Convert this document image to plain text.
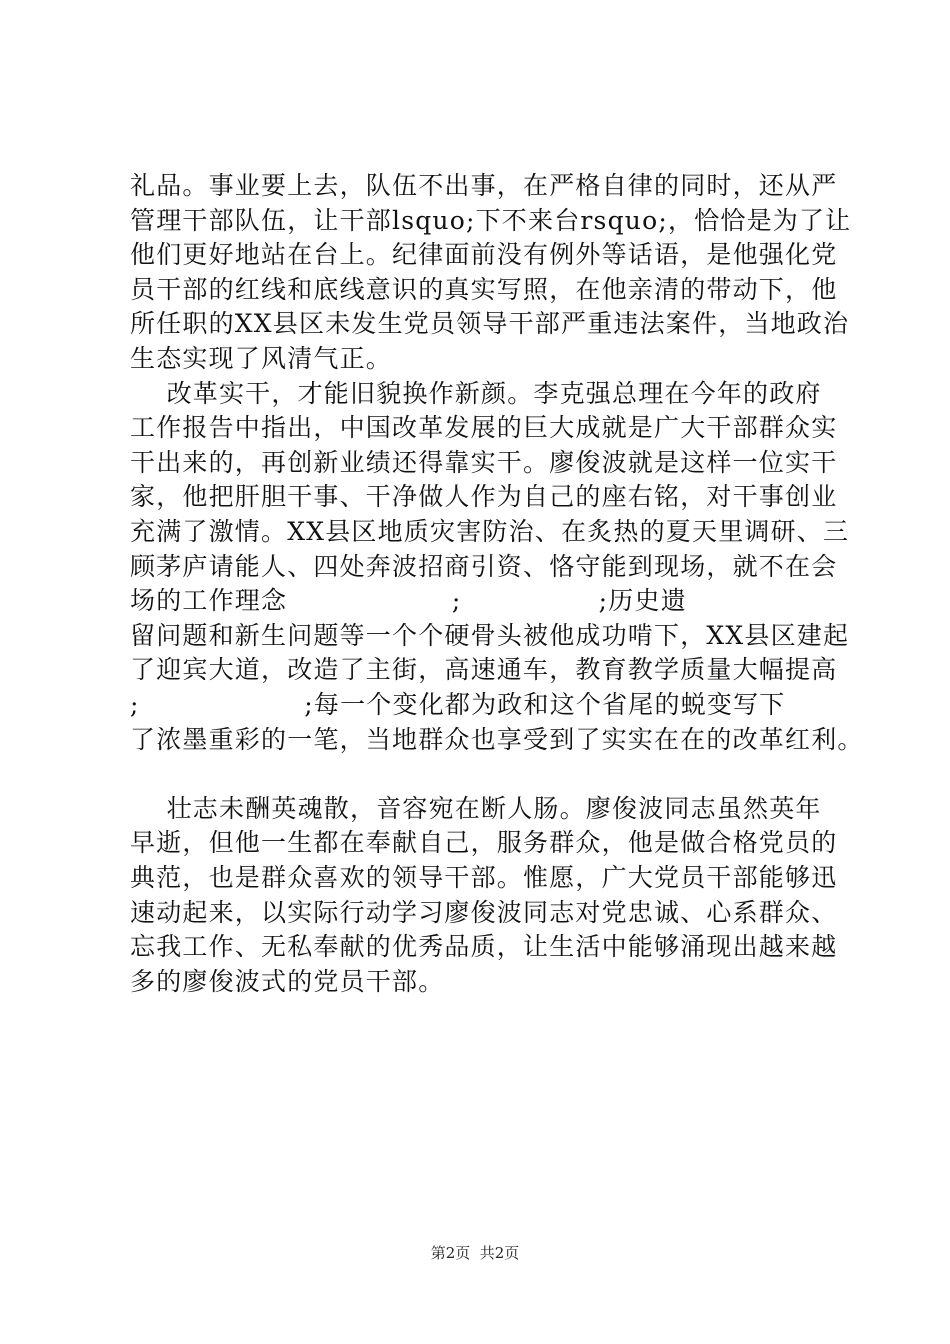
礼品。事业要上去，队伍不出事，在严格自律的同时，还从严
管理干部队伍，让干部lsquo;下不来台rsquo;，恰恰是为了让
他们更好地站在台上。纪律面前没有例外等话语，是他强化党
员干部的红线和底线意识的真实写照，在他亲清的带动下，他
所任职的XX县区未发生党员领导干部严重违法案件，当地政治
生态实现了风清气正。
改革实干，才能旧貌换作新颜。李克强总理在今年的政府
工作报告中指出，中国改革发展的巨大成就是广大干部群众实
干出来的，再创新业绩还得靠实干。廖俊波就是这样一位实干
家，他把肝胆干事、干净做人作为自己的座右铭，对干事创业
充满了激情。XX县区地质灾害防治、在炙热的夏天里调研、三
顾茅庐请能人、四处奔波招商引资、恪守能到现场，就不在会
场的工作理念                  ;               ;历史遗
留问题和新生问题等一个个硬骨头被他成功啃下，XX县区建起
了迎宾大道，改造了主街，高速通车，教育教学质量大幅提高
;                  ;每一个变化都为政和这个省尾的蜕变写下
了浓墨重彩的一笔，当地群众也享受到了实实在在的改革红利。
壮志未酬英魂散，音容宛在断人肠。廖俊波同志虽然英年
早逝，但他一生都在奉献自己，服务群众，他是做合格党员的
典范，也是群众喜欢的领导干部。惟愿，广大党员干部能够迅
速动起来，以实际行动学习廖俊波同志对党忠诚、心系群众、
忘我工作、无私奉献的优秀品质，让生活中能够涌现出越来越
多的廖俊波式的党员干部。
第2页  共2页
